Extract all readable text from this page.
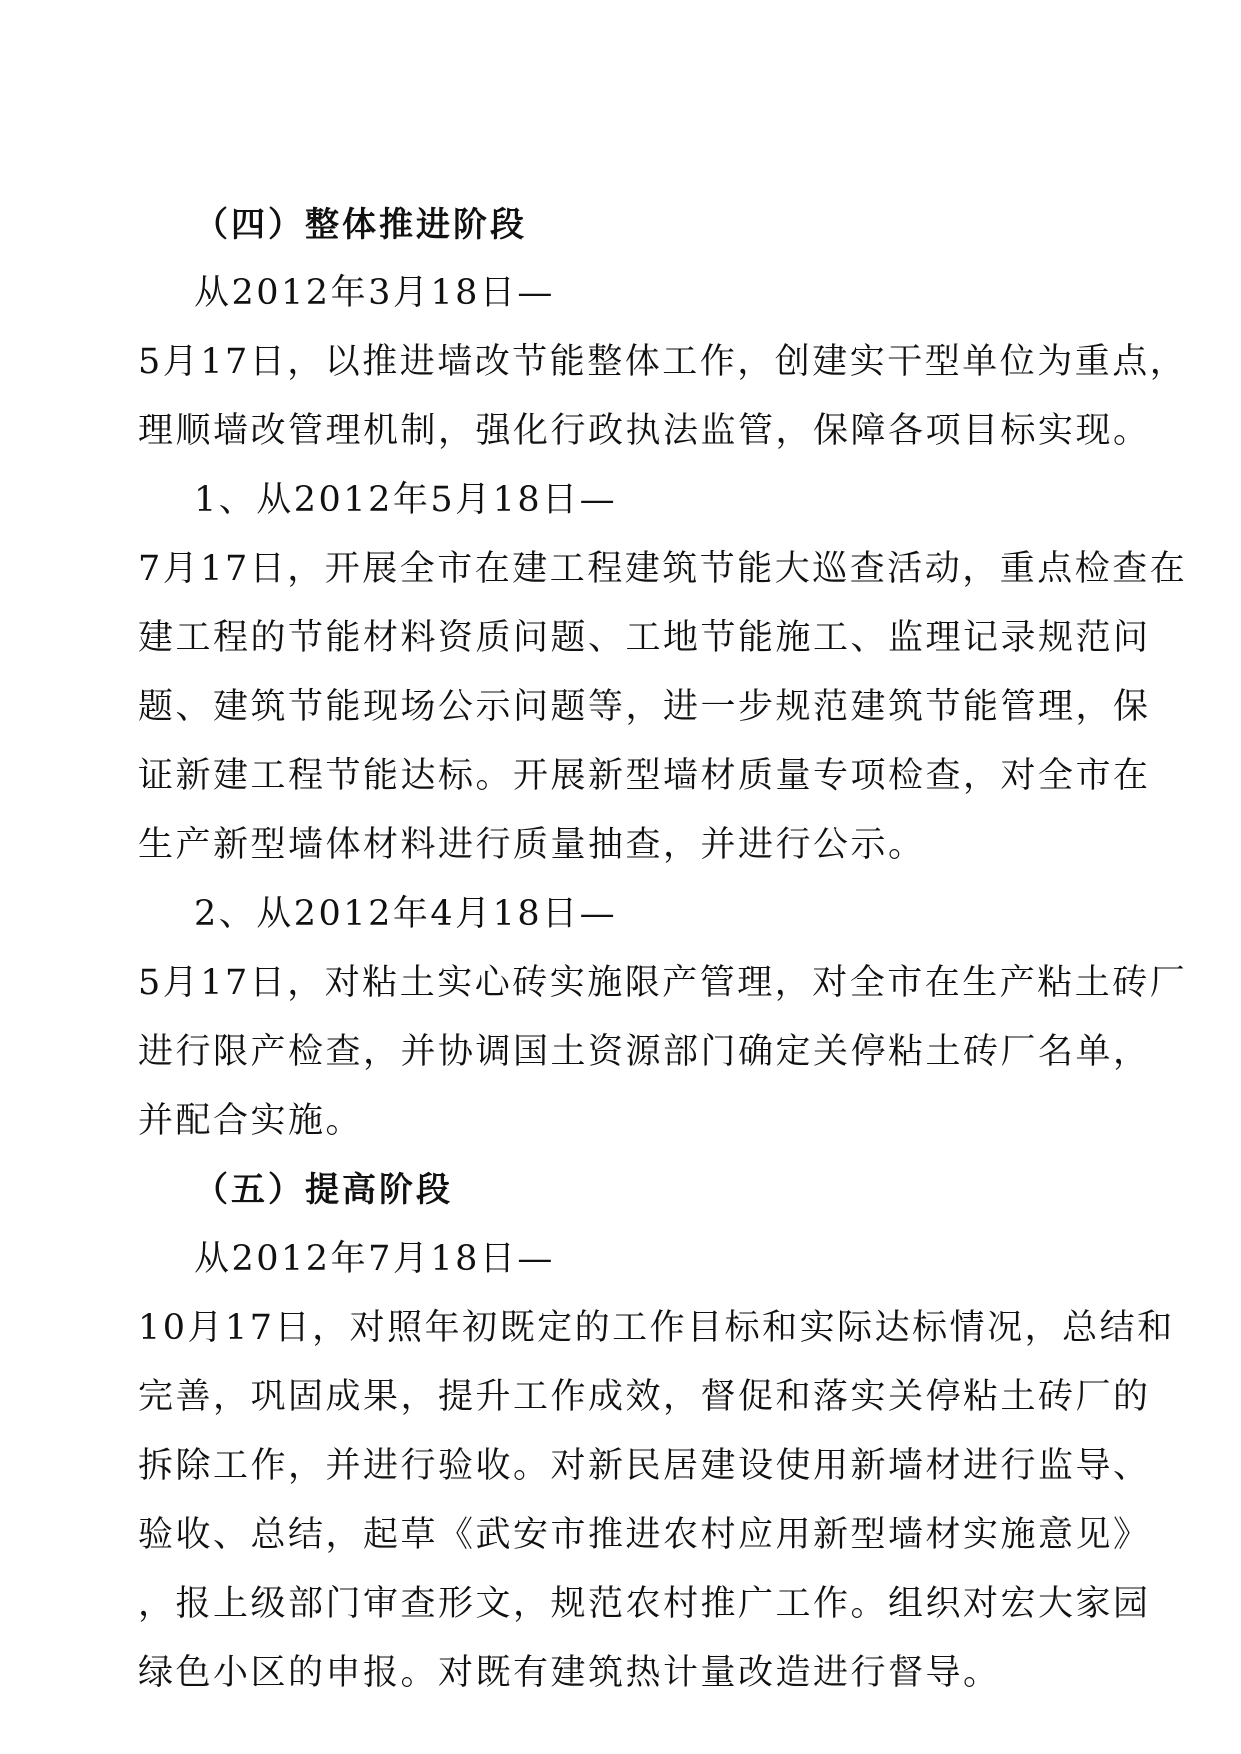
（四）整体推进阶段
从2012年3月18日—
5月17日，以推进墙改节能整体工作，创建实干型单位为重点，
理顺墙改管理机制，强化行政执法监管，保障各项目标实现。
1、从2012年5月18日—
7月17日，开展全市在建工程建筑节能大巡查活动，重点检查在
建工程的节能材料资质问题、工地节能施工、监理记录规范问
题、建筑节能现场公示问题等，进一步规范建筑节能管理，保
证新建工程节能达标。开展新型墙材质量专项检查，对全市在
生产新型墙体材料进行质量抽查，并进行公示。
2、从2012年4月18日—
5月17日，对粘土实心砖实施限产管理，对全市在生产粘土砖厂
进行限产检查，并协调国土资源部门确定关停粘土砖厂名单，
并配合实施。
（五）提高阶段
从2012年7月18日—
10月17日，对照年初既定的工作目标和实际达标情况，总结和
完善，巩固成果，提升工作成效，督促和落实关停粘土砖厂的
拆除工作，并进行验收。对新民居建设使用新墙材进行监导、
验收、总结，起草《武安市推进农村应用新型墙材实施意见》
，报上级部门审查形文，规范农村推广工作。组织对宏大家园
绿色小区的申报。对既有建筑热计量改造进行督导。
